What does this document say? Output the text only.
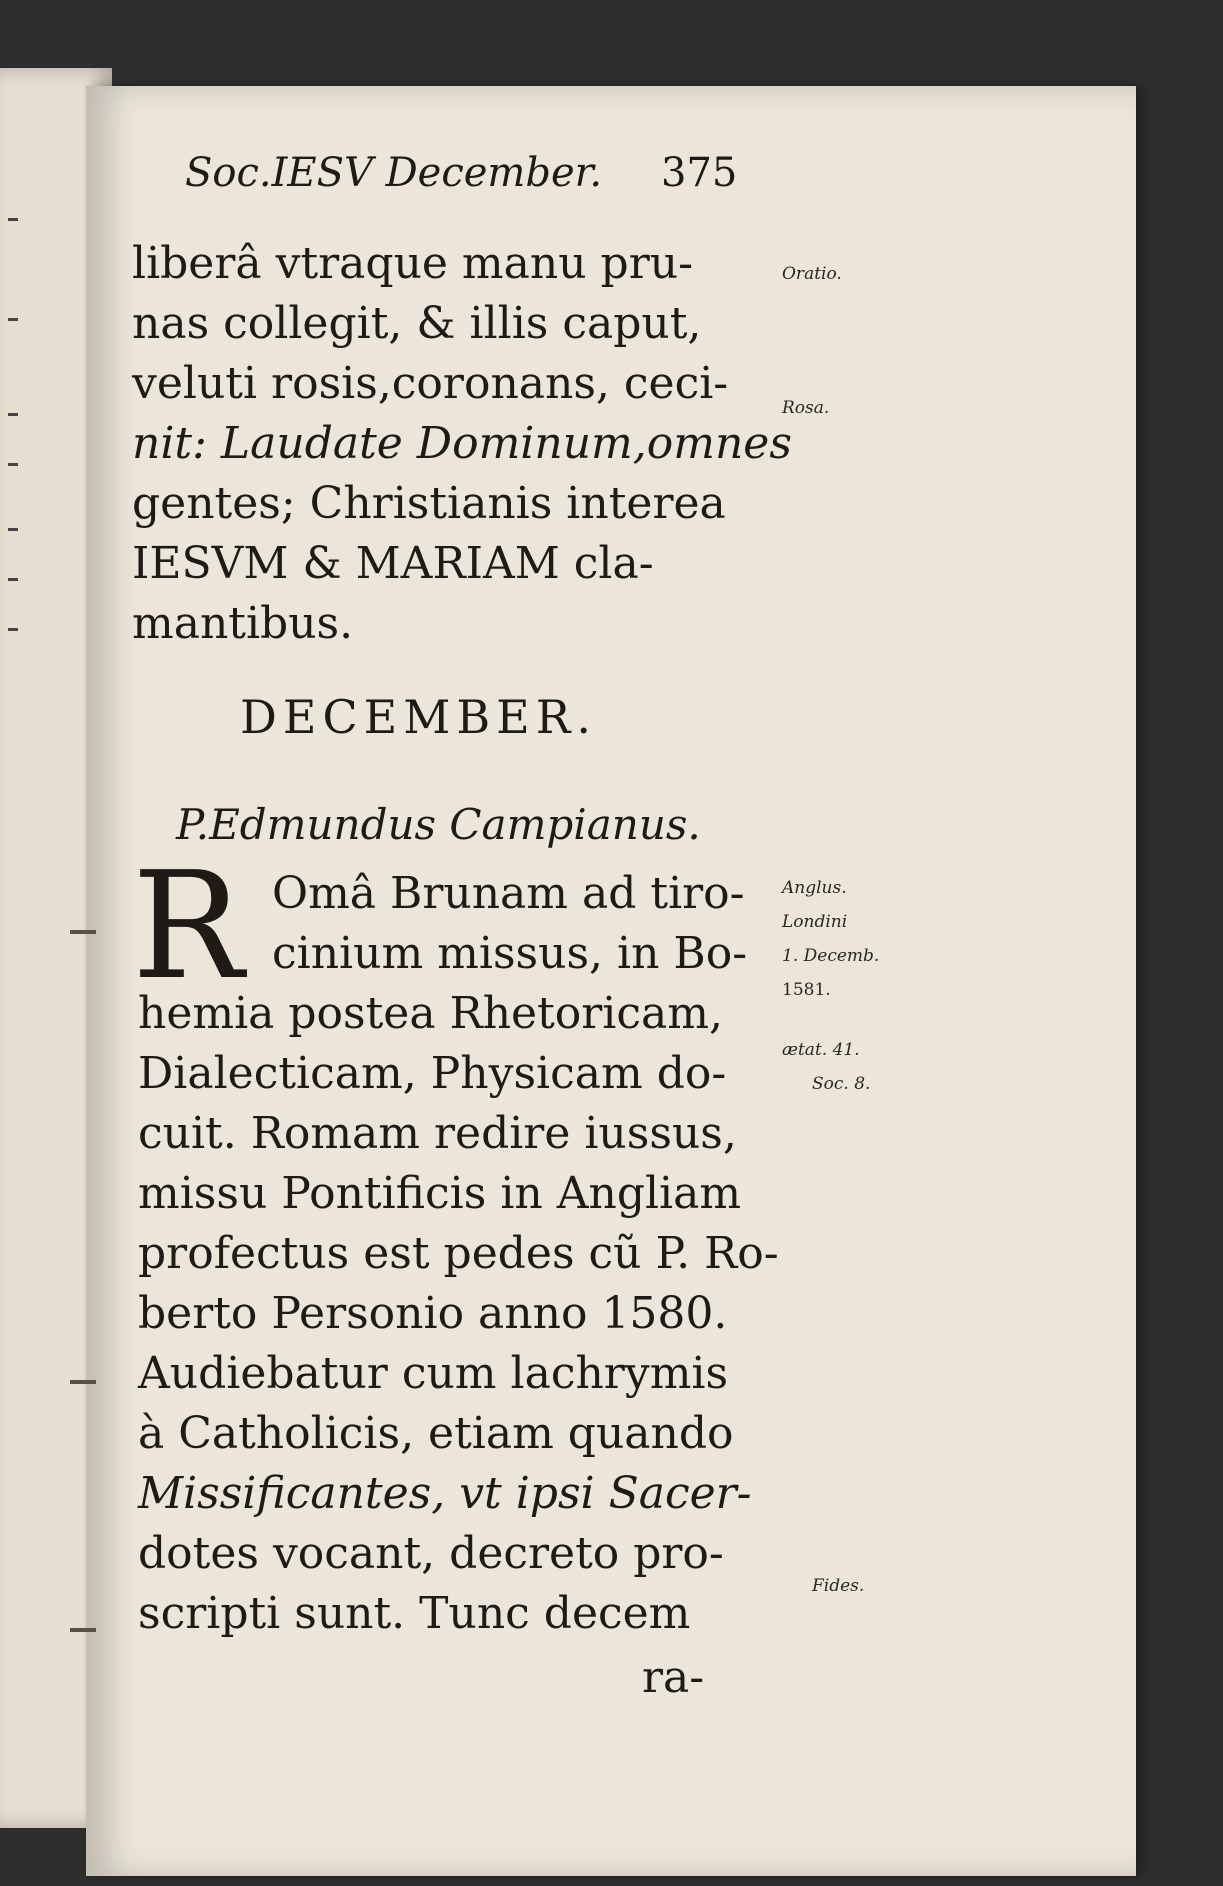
Soc.IESV December. 375
liberâ vtraque manu pru-
nas collegit, & illis caput,
veluti rosis,coronans, ceci-
nit: Laudate Dominum,omnes
gentes; Christianis interea
IESVM & MARIAM cla-
mantibus.
DECEMBER.
P.Edmundus Campianus.
R Omâ Brunam ad tiro-
cinium missus, in Bo-
hemia postea Rhetoricam,
Dialecticam, Physicam do-
cuit. Romam redire iussus,
missu Pontificis in Angliam
profectus est pedes cũ P. Ro-
berto Personio anno 1580.
Audiebatur cum lachrymis
à Catholicis, etiam quando
Missificantes, vt ipsi Sacer-
dotes vocant, decreto pro-
scripti sunt. Tunc decem
ra-
Oratio.
Rosa.
Anglus.
Londini
1. Decemb.
1581.
ætat. 41.
Soc. 8.
Fides.
